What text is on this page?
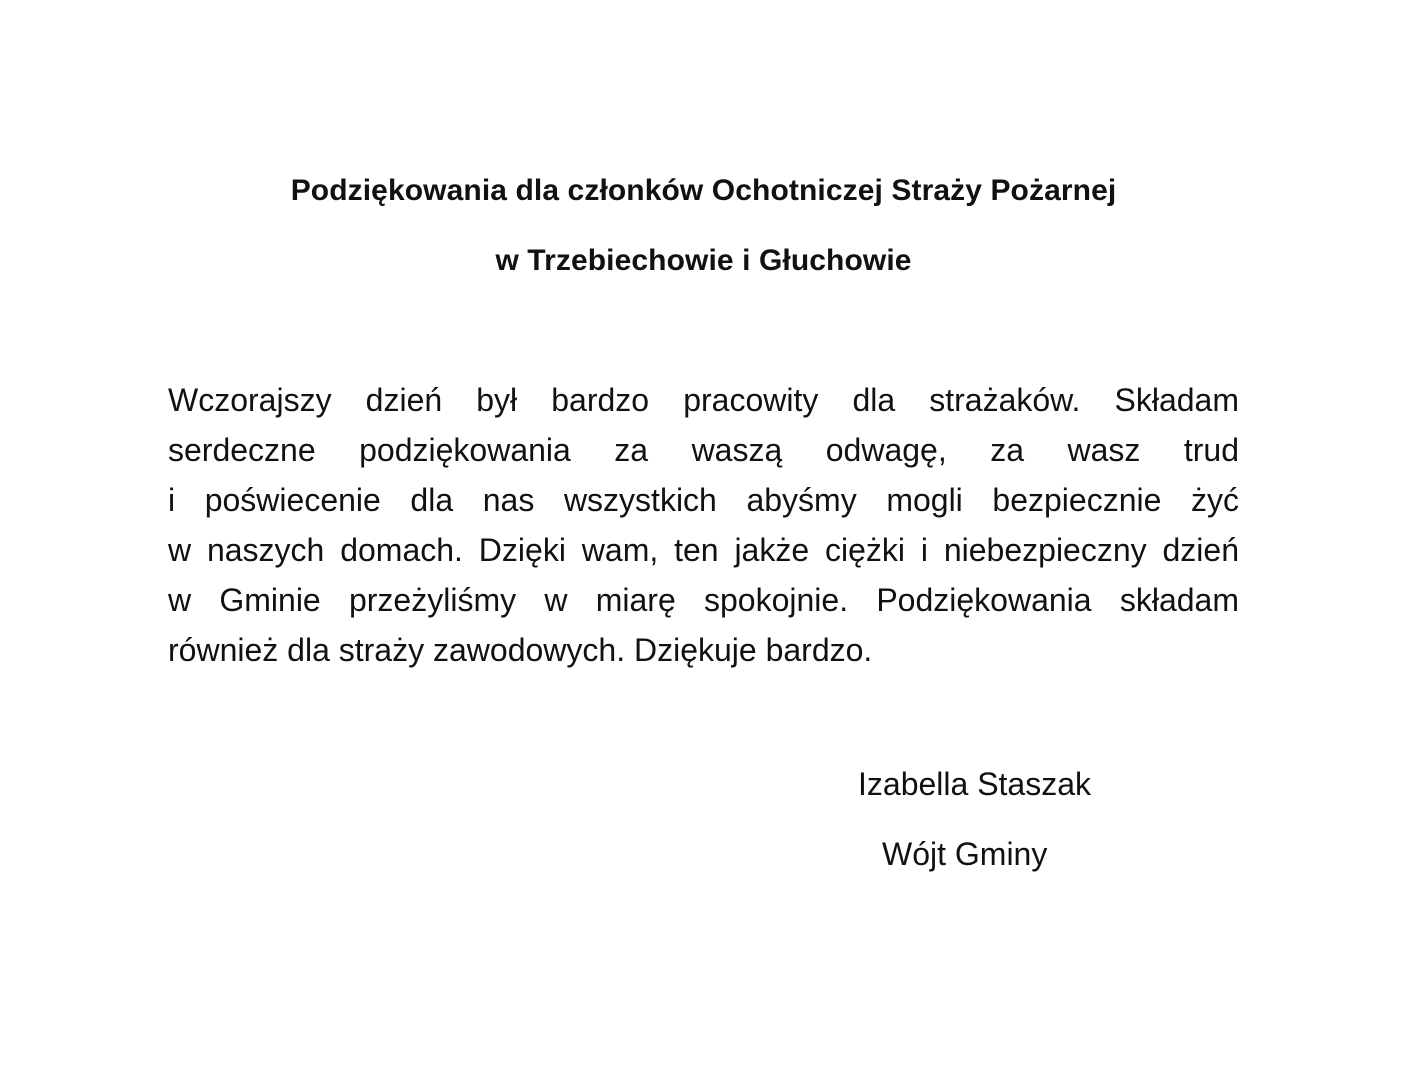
Podziękowania dla członków Ochotniczej Straży Pożarnej
w Trzebiechowie i Głuchowie

Wczorajszy dzień był bardzo pracowity dla strażaków. Składam
serdeczne podziękowania za waszą odwagę, za wasz trud
i poświecenie dla nas wszystkich abyśmy mogli bezpiecznie żyć
w naszych domach. Dzięki wam, ten jakże ciężki i niebezpieczny dzień
w Gminie przeżyliśmy w miarę spokojnie. Podziękowania składam
również dla straży zawodowych. Dziękuje bardzo.

Izabella Staszak
Wójt Gminy
